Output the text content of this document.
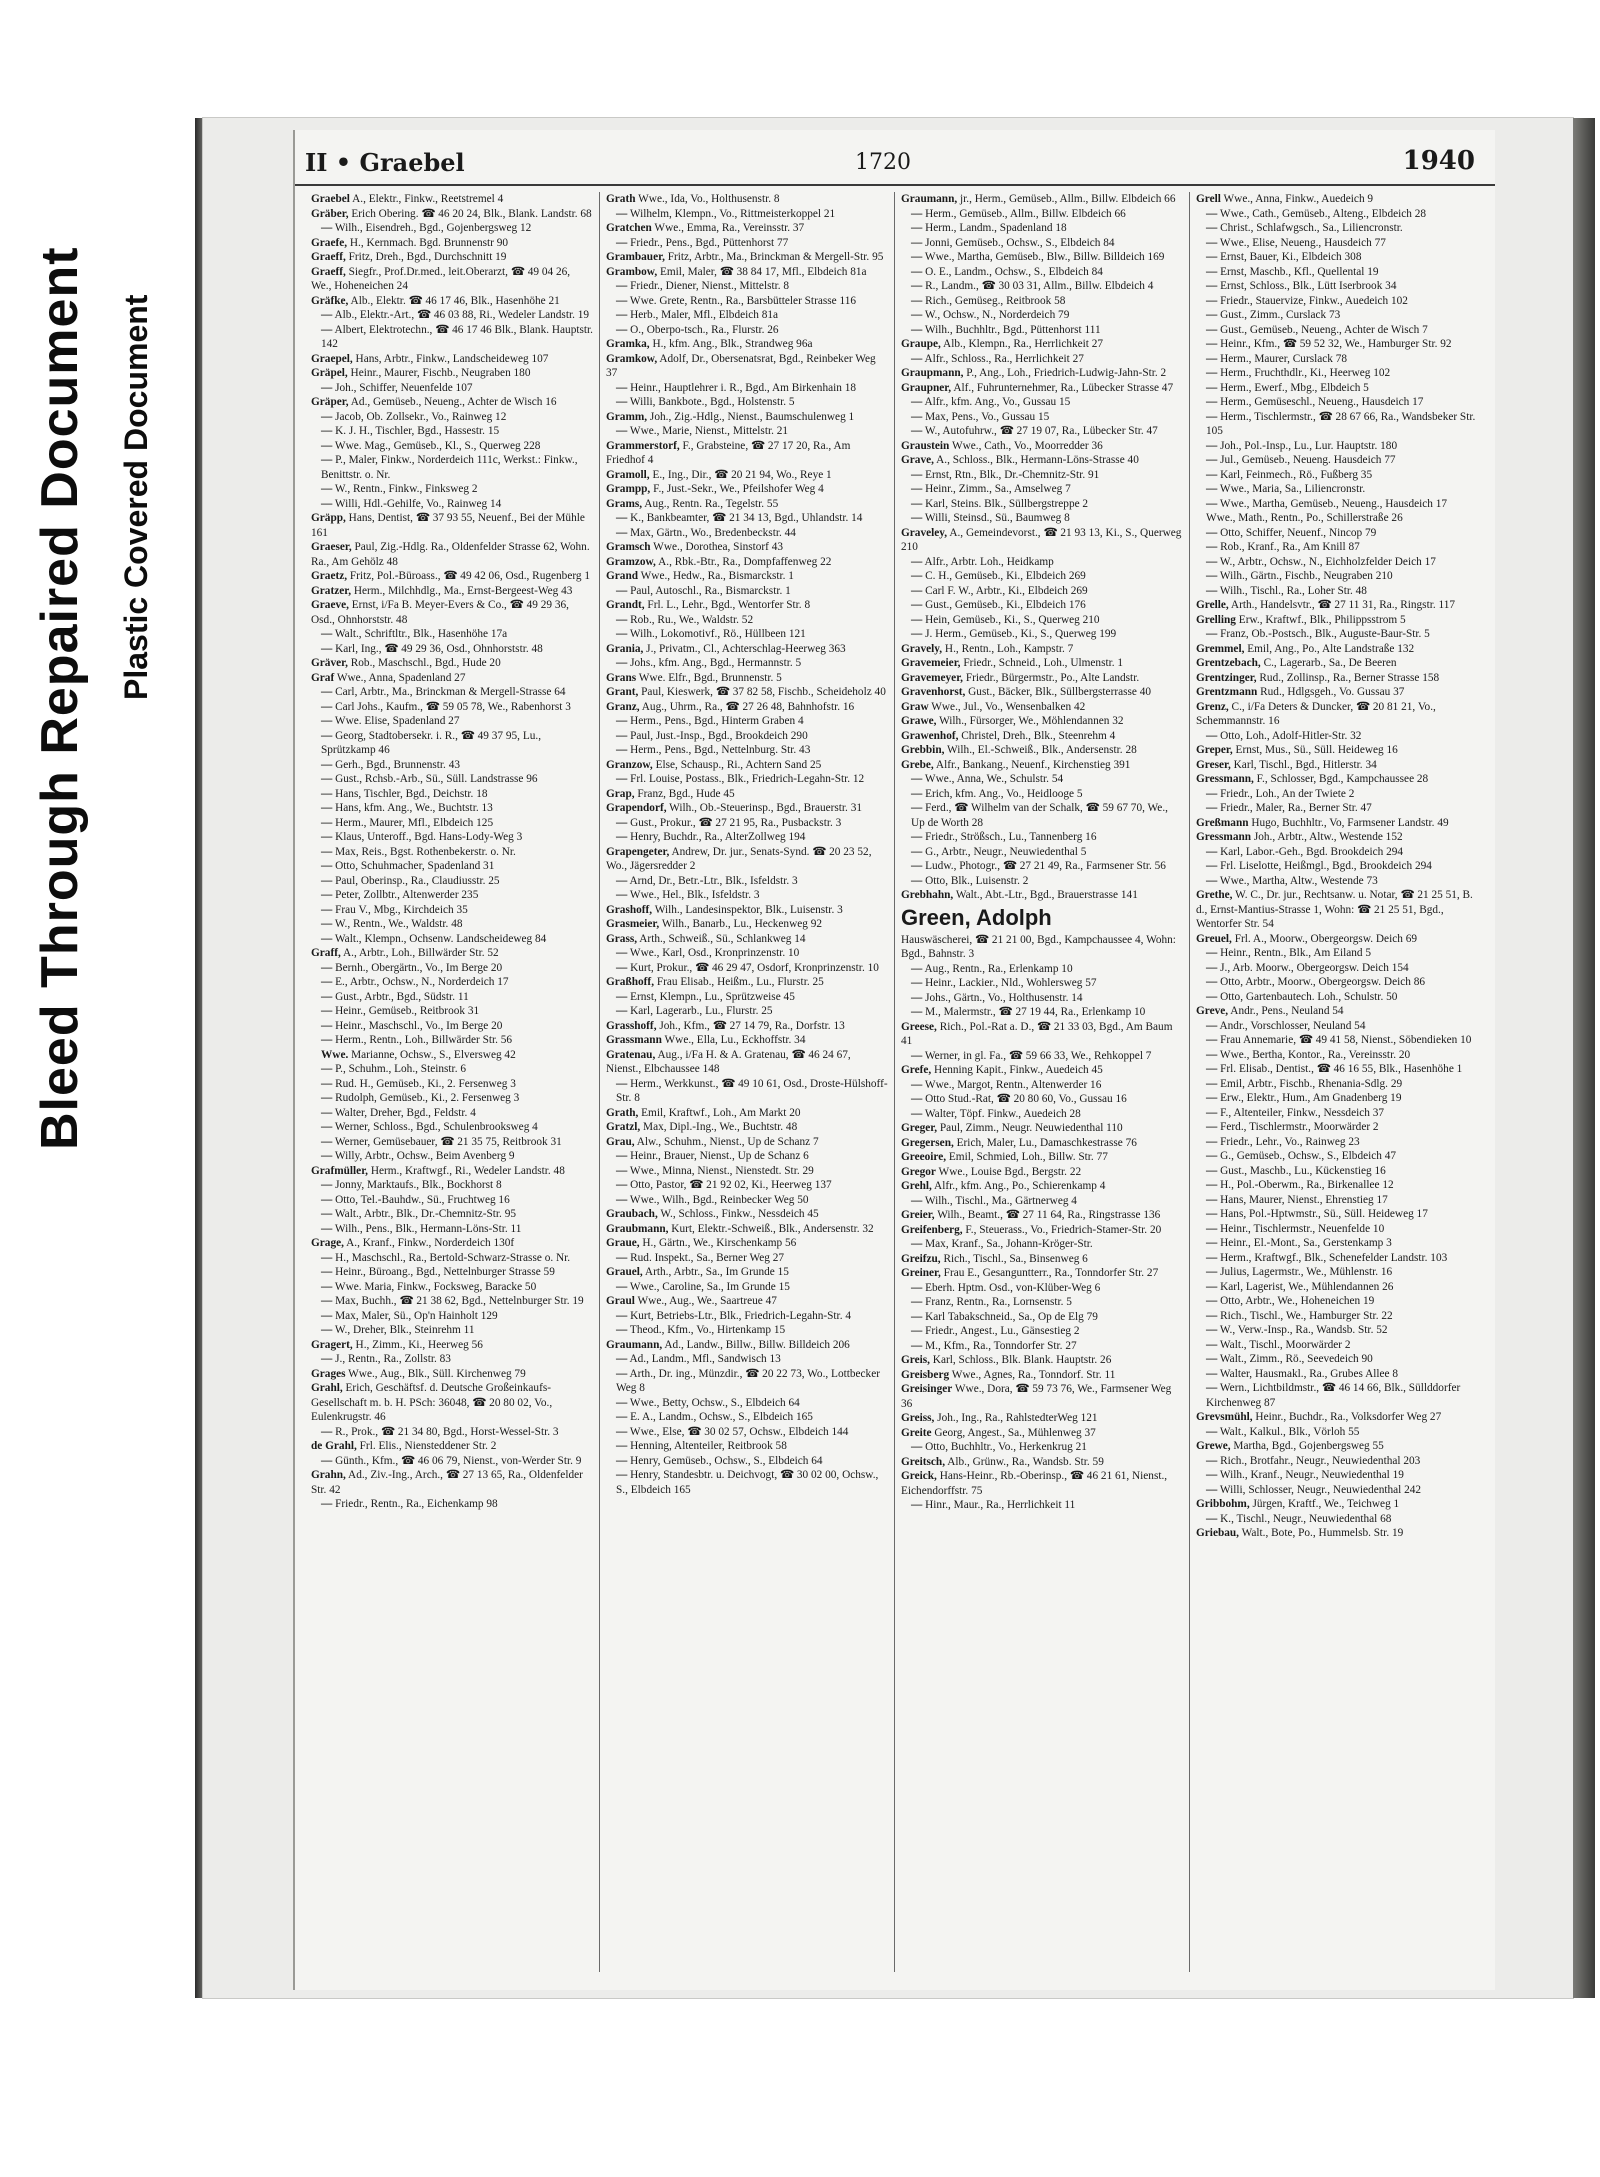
Bleed Through Repaired Document Plastic Covered Document
II • Graebel	1720	1940
Graebel A., Elektr., Finkw., Reetstremel 4
Gräber, Erich Obering. ☎ 46 20 24, Blk., Blank. Landstr. 68
— Wilh., Eisendreh., Bgd., Gojenbergsweg 12
Graefe, H., Kernmach. Bgd. Brunnenstr 90
Graeff, Fritz, Dreh., Bgd., Durchschnitt 19
Graeff, Siegfr., Prof.Dr.med., leit.Oberarzt, ☎ 49 04 26, We., Hoheneichen 24
Gräfke, Alb., Elektr. ☎ 46 17 46, Blk., Hasenhöhe 21
— Alb., Elektr.-Art., ☎ 46 03 88, Ri., Wedeler Landstr. 19
— Albert, Elektrotechn., ☎ 46 17 46 Blk., Blank. Hauptstr. 142
Graepel, Hans, Arbtr., Finkw., Landscheideweg 107
Gräpel, Heinr., Maurer, Fischb., Neugraben 180
— Joh., Schiffer, Neuenfelde 107
Gräper, Ad., Gemüseb., Neueng., Achter de Wisch 16
— Jacob, Ob. Zollsekr., Vo., Rainweg 12
— K. J. H., Tischler, Bgd., Hassestr. 15
— Wwe. Mag., Gemüseb., Kl., S., Querweg 228
— P., Maler, Finkw., Norderdeich 111c, Werkst.: Finkw., Benittstr. o. Nr.
— W., Rentn., Finkw., Finksweg 2
— Willi, Hdl.-Gehilfe, Vo., Rainweg 14
Gräpp, Hans, Dentist, ☎ 37 93 55, Neuenf., Bei der Mühle 161
Graeser, Paul, Zig.-Hdlg. Ra., Oldenfelder Strasse 62, Wohn. Ra., Am Gehölz 48
Graetz, Fritz, Pol.-Büroass., ☎ 49 42 06, Osd., Rugenberg 1
Gratzer, Herm., Milchhdlg., Ma., Ernst-Bergeest-Weg 43
Graeve, Ernst, i/Fa B. Meyer-Evers & Co., ☎ 49 29 36, Osd., Ohnhorststr. 48
— Walt., Schriftltr., Blk., Hasenhöhe 17a
— Karl, Ing., ☎ 49 29 36, Osd., Ohnhorststr. 48
Gräver, Rob., Maschschl., Bgd., Hude 20
Graf Wwe., Anna, Spadenland 27
— Carl, Arbtr., Ma., Brinckman & Mergell-Strasse 64
— Carl Johs., Kaufm., ☎ 59 05 78, We., Rabenhorst 3
— Wwe. Elise, Spadenland 27
— Georg, Stadtobersekr. i. R., ☎ 49 37 95, Lu., Sprützkamp 46
— Gerh., Bgd., Brunnenstr. 43
— Gust., Rchsb.-Arb., Sü., Süll. Landstrasse 96
— Hans, Tischler, Bgd., Deichstr. 18
— Hans, kfm. Ang., We., Buchtstr. 13
— Herm., Maurer, Mfl., Elbdeich 125
— Klaus, Unteroff., Bgd. Hans-Lody-Weg 3
— Max, Reis., Bgst. Rothenbekerstr. o. Nr.
— Otto, Schuhmacher, Spadenland 31
— Paul, Oberinsp., Ra., Claudiusstr. 25
— Peter, Zollbtr., Altenwerder 235
— Frau V., Mbg., Kirchdeich 35
— W., Rentn., We., Waldstr. 48
— Walt., Klempn., Ochsenw. Landscheideweg 84
Graff, A., Arbtr., Loh., Billwärder Str. 52
— Bernh., Obergärtn., Vo., Im Berge 20
— E., Arbtr., Ochsw., N., Norderdeich 17
— Gust., Arbtr., Bgd., Südstr. 11
— Heinr., Gemüseb., Reitbrook 31
— Heinr., Maschschl., Vo., Im Berge 20
— Herm., Rentn., Loh., Billwärder Str. 56
Wwe. Marianne, Ochsw., S., Elversweg 42
— P., Schuhm., Loh., Steinstr. 6
— Rud. H., Gemüseb., Ki., 2. Fersenweg 3
— Rudolph, Gemüseb., Ki., 2. Fersenweg 3
— Walter, Dreher, Bgd., Feldstr. 4
— Werner, Schloss., Bgd., Schulenbrooksweg 4
— Werner, Gemüsebauer, ☎ 21 35 75, Reitbrook 31
— Willy, Arbtr., Ochsw., Beim Avenberg 9
Grafmüller, Herm., Kraftwgf., Ri., Wedeler Landstr. 48
— Jonny, Marktaufs., Blk., Bockhorst 8
— Otto, Tel.-Bauhdw., Sü., Fruchtweg 16
— Walt., Arbtr., Blk., Dr.-Chemnitz-Str. 95
— Wilh., Pens., Blk., Hermann-Löns-Str. 11
Grage, A., Kranf., Finkw., Norderdeich 130f
— H., Maschschl., Ra., Bertold-Schwarz-Strasse o. Nr.
— Heinr., Büroang., Bgd., Nettelnburger Strasse 59
— Wwe. Maria, Finkw., Focksweg, Baracke 50
— Max, Buchh., ☎ 21 38 62, Bgd., Nettelnburger Str. 19
— Max, Maler, Sü., Op'n Hainholt 129
— W., Dreher, Blk., Steinrehm 11
Gragert, H., Zimm., Ki., Heerweg 56
— J., Rentn., Ra., Zollstr. 83
Grages Wwe., Aug., Blk., Süll. Kirchenweg 79
Grahl, Erich, Geschäftsf. d. Deutsche Großeinkaufs-Gesellschaft m. b. H. PSch: 36048, ☎ 20 80 02, Vo., Eulenkrugstr. 46
— R., Prok., ☎ 21 34 80, Bgd., Horst-Wessel-Str. 3
de Grahl, Frl. Elis., Niensteddener Str. 2
— Günth., Kfm., ☎ 46 06 79, Nienst., von-Werder Str. 9
Grahn, Ad., Ziv.-Ing., Arch., ☎ 27 13 65, Ra., Oldenfelder Str. 42
— Friedr., Rentn., Ra., Eichenkamp 98
Grath Wwe., Ida, Vo., Holthusenstr. 8
— Wilhelm, Klempn., Vo., Rittmeisterkoppel 21
Gratchen Wwe., Emma, Ra., Vereinsstr. 37
— Friedr., Pens., Bgd., Püttenhorst 77
Grambauer, Fritz, Arbtr., Ma., Brinckman & Mergell-Str. 95
Grambow, Emil, Maler, ☎ 38 84 17, Mfl., Elbdeich 81a
— Friedr., Diener, Nienst., Mittelstr. 8
— Wwe. Grete, Rentn., Ra., Barsbütteler Strasse 116
— Herb., Maler, Mfl., Elbdeich 81a
— O., Oberpo-tsch., Ra., Flurstr. 26
Gramka, H., kfm. Ang., Blk., Strandweg 96a
Gramkow, Adolf, Dr., Obersenatsrat, Bgd., Reinbeker Weg 37
— Heinr., Hauptlehrer i. R., Bgd., Am Birkenhain 18
— Willi, Bankbote., Bgd., Holstenstr. 5
Gramm, Joh., Zig.-Hdlg., Nienst., Baumschulenweg 1
— Wwe., Marie, Nienst., Mittelstr. 21
Grammerstorf, F., Grabsteine, ☎ 27 17 20, Ra., Am Friedhof 4
Gramoll, E., Ing., Dir., ☎ 20 21 94, Wo., Reye 1
Grampp, F., Just.-Sekr., We., Pfeilshofer Weg 4
Grams, Aug., Rentn. Ra., Tegelstr. 55
— K., Bankbeamter, ☎ 21 34 13, Bgd., Uhlandstr. 14
— Max, Gärtn., Wo., Bredenbeckstr. 44
Gramsch Wwe., Dorothea, Sinstorf 43
Gramzow, A., Rbk.-Btr., Ra., Dompfaffenweg 22
Grand Wwe., Hedw., Ra., Bismarckstr. 1
— Paul, Autoschl., Ra., Bismarckstr. 1
Grandt, Frl. L., Lehr., Bgd., Wentorfer Str. 8
— Rob., Ru., We., Waldstr. 52
— Wilh., Lokomotivf., Rö., Hüllbeen 121
Grania, J., Privatm., Cl., Achterschlag-Heerweg 363
— Johs., kfm. Ang., Bgd., Hermannstr. 5
Grans Wwe. Elfr., Bgd., Brunnenstr. 5
Grant, Paul, Kieswerk, ☎ 37 82 58, Fischb., Scheideholz 40
Granz, Aug., Uhrm., Ra., ☎ 27 26 48, Bahnhofstr. 16
— Herm., Pens., Bgd., Hinterm Graben 4
— Paul, Just.-Insp., Bgd., Brookdeich 290
— Herm., Pens., Bgd., Nettelnburg. Str. 43
Granzow, Else, Schausp., Ri., Achtern Sand 25
— Frl. Louise, Postass., Blk., Friedrich-Legahn-Str. 12
Grap, Franz, Bgd., Hude 45
Grapendorf, Wilh., Ob.-Steuerinsp., Bgd., Brauerstr. 31
— Gust., Prokur., ☎ 27 21 95, Ra., Pusbackstr. 3
— Henry, Buchdr., Ra., AlterZollweg 194
Grapengeter, Andrew, Dr. jur., Senats-Synd. ☎ 20 23 52, Wo., Jägersredder 2
— Arnd, Dr., Betr.-Ltr., Blk., Isfeldstr. 3
— Wwe., Hel., Blk., Isfeldstr. 3
Grashoff, Wilh., Landesinspektor, Blk., Luisenstr. 3
Grasmeier, Wilh., Banarb., Lu., Heckenweg 92
Grass, Arth., Schweiß., Sü., Schlankweg 14
— Wwe., Karl, Osd., Kronprinzenstr. 10
— Kurt, Prokur., ☎ 46 29 47, Osdorf, Kronprinzenstr. 10
Graßhoff, Frau Elisab., Heißm., Lu., Flurstr. 25
— Ernst, Klempn., Lu., Sprützweise 45
— Karl, Lagerarb., Lu., Flurstr. 25
Grasshoff, Joh., Kfm., ☎ 27 14 79, Ra., Dorfstr. 13
Grassmann Wwe., Ella, Lu., Eckhoffstr. 34
Gratenau, Aug., i/Fa H. & A. Gratenau, ☎ 46 24 67, Nienst., Elbchaussee 148
— Herm., Werkkunst., ☎ 49 10 61, Osd., Droste-Hülshoff-Str. 8
Grath, Emil, Kraftwf., Loh., Am Markt 20
Gratzl, Max, Dipl.-Ing., We., Buchtstr. 48
Grau, Alw., Schuhm., Nienst., Up de Schanz 7
— Heinr., Brauer, Nienst., Up de Schanz 6
— Wwe., Minna, Nienst., Nienstedt. Str. 29
— Otto, Pastor, ☎ 21 92 02, Ki., Heerweg 137
— Wwe., Wilh., Bgd., Reinbecker Weg 50
Graubach, W., Schloss., Finkw., Nessdeich 45
Graubmann, Kurt, Elektr.-Schweiß., Blk., Andersenstr. 32
Graue, H., Gärtn., We., Kirschenkamp 56
— Rud. Inspekt., Sa., Berner Weg 27
Grauel, Arth., Arbtr., Sa., Im Grunde 15
— Wwe., Caroline, Sa., Im Grunde 15
Graul Wwe., Aug., We., Saartreue 47
— Kurt, Betriebs-Ltr., Blk., Friedrich-Legahn-Str. 4
— Theod., Kfm., Vo., Hirtenkamp 15
Graumann, Ad., Landw., Billw., Billw. Billdeich 206
— Ad., Landm., Mfl., Sandwisch 13
— Arth., Dr. ing., Münzdir., ☎ 20 22 73, Wo., Lottbecker Weg 8
— Wwe., Betty, Ochsw., S., Elbdeich 64
— E. A., Landm., Ochsw., S., Elbdeich 165
— Wwe., Else, ☎ 30 02 57, Ochsw., Elbdeich 144
— Henning, Altenteiler, Reitbrook 58
— Henry, Gemüseb., Ochsw., S., Elbdeich 64
— Henry, Standesbtr. u. Deichvogt, ☎ 30 02 00, Ochsw., S., Elbdeich 165
Graumann, jr., Herm., Gemüseb., Allm., Billw. Elbdeich 66
— Herm., Gemüseb., Allm., Billw. Elbdeich 66
— Herm., Landm., Spadenland 18
— Jonni, Gemüseb., Ochsw., S., Elbdeich 84
— Wwe., Martha, Gemüseb., Blw., Billw. Billdeich 169
— O. E., Landm., Ochsw., S., Elbdeich 84
— R., Landm., ☎ 30 03 31, Allm., Billw. Elbdeich 4
— Rich., Gemüseg., Reitbrook 58
— W., Ochsw., N., Norderdeich 79
— Wilh., Buchhltr., Bgd., Püttenhorst 111
Graupe, Alb., Klempn., Ra., Herrlichkeit 27
— Alfr., Schloss., Ra., Herrlichkeit 27
Graupmann, P., Ang., Loh., Friedrich-Ludwig-Jahn-Str. 2
Graupner, Alf., Fuhrunternehmer, Ra., Lübecker Strasse 47
— Alfr., kfm. Ang., Vo., Gussau 15
— Max, Pens., Vo., Gussau 15
— W., Autofuhrw., ☎ 27 19 07, Ra., Lübecker Str. 47
Graustein Wwe., Cath., Vo., Moorredder 36
Grave, A., Schloss., Blk., Hermann-Löns-Strasse 40
— Ernst, Rtn., Blk., Dr.-Chemnitz-Str. 91
— Heinr., Zimm., Sa., Amselweg 7
— Karl, Steins. Blk., Süllbergstreppe 2
— Willi, Steinsd., Sü., Baumweg 8
Graveley, A., Gemeindevorst., ☎ 21 93 13, Ki., S., Querweg 210
— Alfr., Arbtr. Loh., Heidkamp
— C. H., Gemüseb., Ki., Elbdeich 269
— Carl F. W., Arbtr., Ki., Elbdeich 269
— Gust., Gemüseb., Ki., Elbdeich 176
— Hein, Gemüseb., Ki., S., Querweg 210
— J. Herm., Gemüseb., Ki., S., Querweg 199
Gravely, H., Rentn., Loh., Kampstr. 7
Gravemeier, Friedr., Schneid., Loh., Ulmenstr. 1
Gravemeyer, Friedr., Bürgermstr., Po., Alte Landstr.
Gravenhorst, Gust., Bäcker, Blk., Süllbergsterrasse 40
Graw Wwe., Jul., Vo., Wensenbalken 42
Grawe, Wilh., Fürsorger, We., Möhlendannen 32
Grawenhof, Christel, Dreh., Blk., Steenrehm 4
Grebbin, Wilh., El.-Schweiß., Blk., Andersenstr. 28
Grebe, Alfr., Bankang., Neuenf., Kirchenstieg 391
— Wwe., Anna, We., Schulstr. 54
— Erich, kfm. Ang., Vo., Heidlooge 5
— Ferd., ☎ Wilhelm van der Schalk, ☎ 59 67 70, We., Up de Worth 28
— Friedr., Strößsch., Lu., Tannenberg 16
— G., Arbtr., Neugr., Neuwiedenthal 5
— Ludw., Photogr., ☎ 27 21 49, Ra., Farmsener Str. 56
— Otto, Blk., Luisenstr. 2
Grebhahn, Walt., Abt.-Ltr., Bgd., Brauerstrasse 141
Green, Adolph
Hauswäscherei, ☎ 21 21 00, Bgd., Kampchaussee 4, Wohn: Bgd., Bahnstr. 3
— Aug., Rentn., Ra., Erlenkamp 10
— Heinr., Lackier., Nld., Wohlersweg 57
— Johs., Gärtn., Vo., Holthusenstr. 14
— M., Malermstr., ☎ 27 19 44, Ra., Erlenkamp 10
Greese, Rich., Pol.-Rat a. D., ☎ 21 33 03, Bgd., Am Baum 41
— Werner, in gl. Fa., ☎ 59 66 33, We., Rehkoppel 7
Grefe, Henning Kapit., Finkw., Auedeich 45
— Wwe., Margot, Rentn., Altenwerder 16
— Otto Stud.-Rat, ☎ 20 80 60, Vo., Gussau 16
— Walter, Töpf. Finkw., Auedeich 28
Greger, Paul, Zimm., Neugr. Neuwiedenthal 110
Gregersen, Erich, Maler, Lu., Damaschkestrasse 76
Greeoire, Emil, Schmied, Loh., Billw. Str. 77
Gregor Wwe., Louise Bgd., Bergstr. 22
Grehl, Alfr., kfm. Ang., Po., Schierenkamp 4
— Wilh., Tischl., Ma., Gärtnerweg 4
Greier, Wilh., Beamt., ☎ 27 11 64, Ra., Ringstrasse 136
Greifenberg, F., Steuerass., Vo., Friedrich-Stamer-Str. 20
— Max, Kranf., Sa., Johann-Kröger-Str.
Greifzu, Rich., Tischl., Sa., Binsenweg 6
Greiner, Frau E., Gesanguntterr., Ra., Tonndorfer Str. 27
— Eberh. Hptm. Osd., von-Klüber-Weg 6
— Franz, Rentn., Ra., Lornsenstr. 5
— Karl Tabakschneid., Sa., Op de Elg 79
— Friedr., Angest., Lu., Gänsestieg 2
— M., Kfm., Ra., Tonndorfer Str. 27
Greis, Karl, Schloss., Blk. Blank. Hauptstr. 26
Greisberg Wwe., Agnes, Ra., Tonndorf. Str. 11
Greisinger Wwe., Dora, ☎ 59 73 76, We., Farmsener Weg 36
Greiss, Joh., Ing., Ra., RahlstedterWeg 121
Greite Georg, Angest., Sa., Mühlenweg 37
— Otto, Buchhltr., Vo., Herkenkrug 21
Greitsch, Alb., Grünw., Ra., Wandsb. Str. 59
Greick, Hans-Heinr., Rb.-Oberinsp., ☎ 46 21 61, Nienst., Eichendorffstr. 75
— Hinr., Maur., Ra., Herrlichkeit 11
Grell Wwe., Anna, Finkw., Auedeich 9
— Wwe., Cath., Gemüseb., Alteng., Elbdeich 28
— Christ., Schlafwgsch., Sa., Liliencronstr.
— Wwe., Elise, Neueng., Hausdeich 77
— Ernst, Bauer, Ki., Elbdeich 308
— Ernst, Maschb., Kfl., Quellental 19
— Ernst, Schloss., Blk., Lütt Iserbrook 34
— Friedr., Stauervize, Finkw., Auedeich 102
— Gust., Zimm., Curslack 73
— Gust., Gemüseb., Neueng., Achter de Wisch 7
— Heinr., Kfm., ☎ 59 52 32, We., Hamburger Str. 92
— Herm., Maurer, Curslack 78
— Herm., Fruchthdlr., Ki., Heerweg 102
— Herm., Ewerf., Mbg., Elbdeich 5
— Herm., Gemüseschl., Neueng., Hausdeich 17
— Herm., Tischlermstr., ☎ 28 67 66, Ra., Wandsbeker Str. 105
— Joh., Pol.-Insp., Lu., Lur. Hauptstr. 180
— Jul., Gemüseb., Neueng. Hausdeich 77
— Karl, Feinmech., Rö., Fußberg 35
— Wwe., Maria, Sa., Liliencronstr.
— Wwe., Martha, Gemüseb., Neueng., Hausdeich 17
Wwe., Math., Rentn., Po., Schillerstraße 26
— Otto, Schiffer, Neuenf., Nincop 79
— Rob., Kranf., Ra., Am Knill 87
— W., Arbtr., Ochsw., N., Eichholzfelder Deich 17
— Wilh., Gärtn., Fischb., Neugraben 210
— Wilh., Tischl., Ra., Loher Str. 48
Grelle, Arth., Handelsvtr., ☎ 27 11 31, Ra., Ringstr. 117
Grelling Erw., Kraftwf., Blk., Philippsstrom 5
— Franz, Ob.-Postsch., Blk., Auguste-Baur-Str. 5
Gremmel, Emil, Ang., Po., Alte Landstraße 132
Grentzebach, C., Lagerarb., Sa., De Beeren
Grentzinger, Rud., Zollinsp., Ra., Berner Strasse 158
Grentzmann Rud., Hdlgsgeh., Vo. Gussau 37
Grenz, C., i/Fa Deters & Duncker, ☎ 20 81 21, Vo., Schemmannstr. 16
— Otto, Loh., Adolf-Hitler-Str. 32
Greper, Ernst, Mus., Sü., Süll. Heideweg 16
Greser, Karl, Tischl., Bgd., Hitlerstr. 34
Gressmann, F., Schlosser, Bgd., Kampchaussee 28
— Friedr., Loh., An der Twiete 2
— Friedr., Maler, Ra., Berner Str. 47
Greßmann Hugo, Buchhltr., Vo, Farmsener Landstr. 49
Gressmann Joh., Arbtr., Altw., Westende 152
— Karl, Labor.-Geh., Bgd. Brookdeich 294
— Frl. Liselotte, Heißmgl., Bgd., Brookdeich 294
— Wwe., Martha, Altw., Westende 73
Grethe, W. C., Dr. jur., Rechtsanw. u. Notar, ☎ 21 25 51, B. d., Ernst-Mantius-Strasse 1, Wohn: ☎ 21 25 51, Bgd., Wentorfer Str. 54
Greuel, Frl. A., Moorw., Obergeorgsw. Deich 69
— Heinr., Rentn., Blk., Am Eiland 5
— J., Arb. Moorw., Obergeorgsw. Deich 154
— Otto, Arbtr., Moorw., Obergeorgsw. Deich 86
— Otto, Gartenbautech. Loh., Schulstr. 50
Greve, Andr., Pens., Neuland 54
— Andr., Vorschlosser, Neuland 54
— Frau Annemarie, ☎ 49 41 58, Nienst., Söbendieken 10
— Wwe., Bertha, Kontor., Ra., Vereinsstr. 20
— Frl. Elisab., Dentist., ☎ 46 16 55, Blk., Hasenhöhe 1
— Emil, Arbtr., Fischb., Rhenania-Sdlg. 29
— Erw., Elektr., Hum., Am Gnadenberg 19
— F., Altenteiler, Finkw., Nessdeich 37
— Ferd., Tischlermstr., Moorwärder 2
— Friedr., Lehr., Vo., Rainweg 23
— G., Gemüseb., Ochsw., S., Elbdeich 47
— Gust., Maschb., Lu., Kückenstieg 16
— H., Pol.-Oberwm., Ra., Birkenallee 12
— Hans, Maurer, Nienst., Ehrenstieg 17
— Hans, Pol.-Hptwmstr., Sü., Süll. Heideweg 17
— Heinr., Tischlermstr., Neuenfelde 10
— Heinr., El.-Mont., Sa., Gerstenkamp 3
— Herm., Kraftwgf., Blk., Schenefelder Landstr. 103
— Julius, Lagermstr., We., Mühlenstr. 16
— Karl, Lagerist, We., Mühlendannen 26
— Otto, Arbtr., We., Hoheneichen 19
— Rich., Tischl., We., Hamburger Str. 22
— W., Verw.-Insp., Ra., Wandsb. Str. 52
— Walt., Tischl., Moorwärder 2
— Walt., Zimm., Rö., Seevedeich 90
— Walter, Hausmakl., Ra., Grubes Allee 8
— Wern., Lichtbildmstr., ☎ 46 14 66, Blk., Süllddorfer Kirchenweg 87
Grevsmühl, Heinr., Buchdr., Ra., Volksdorfer Weg 27
— Walt., Kalkul., Blk., Vörloh 55
Grewe, Martha, Bgd., Gojenbergsweg 55
— Rich., Brotfahr., Neugr., Neuwiedenthal 203
— Wilh., Kranf., Neugr., Neuwiedenthal 19
— Willi, Schlosser, Neugr., Neuwiedenthal 242
Gribbohm, Jürgen, Kraftf., We., Teichweg 1
— K., Tischl., Neugr., Neuwiedenthal 68
Griebau, Walt., Bote, Po., Hummelsb. Str. 19
